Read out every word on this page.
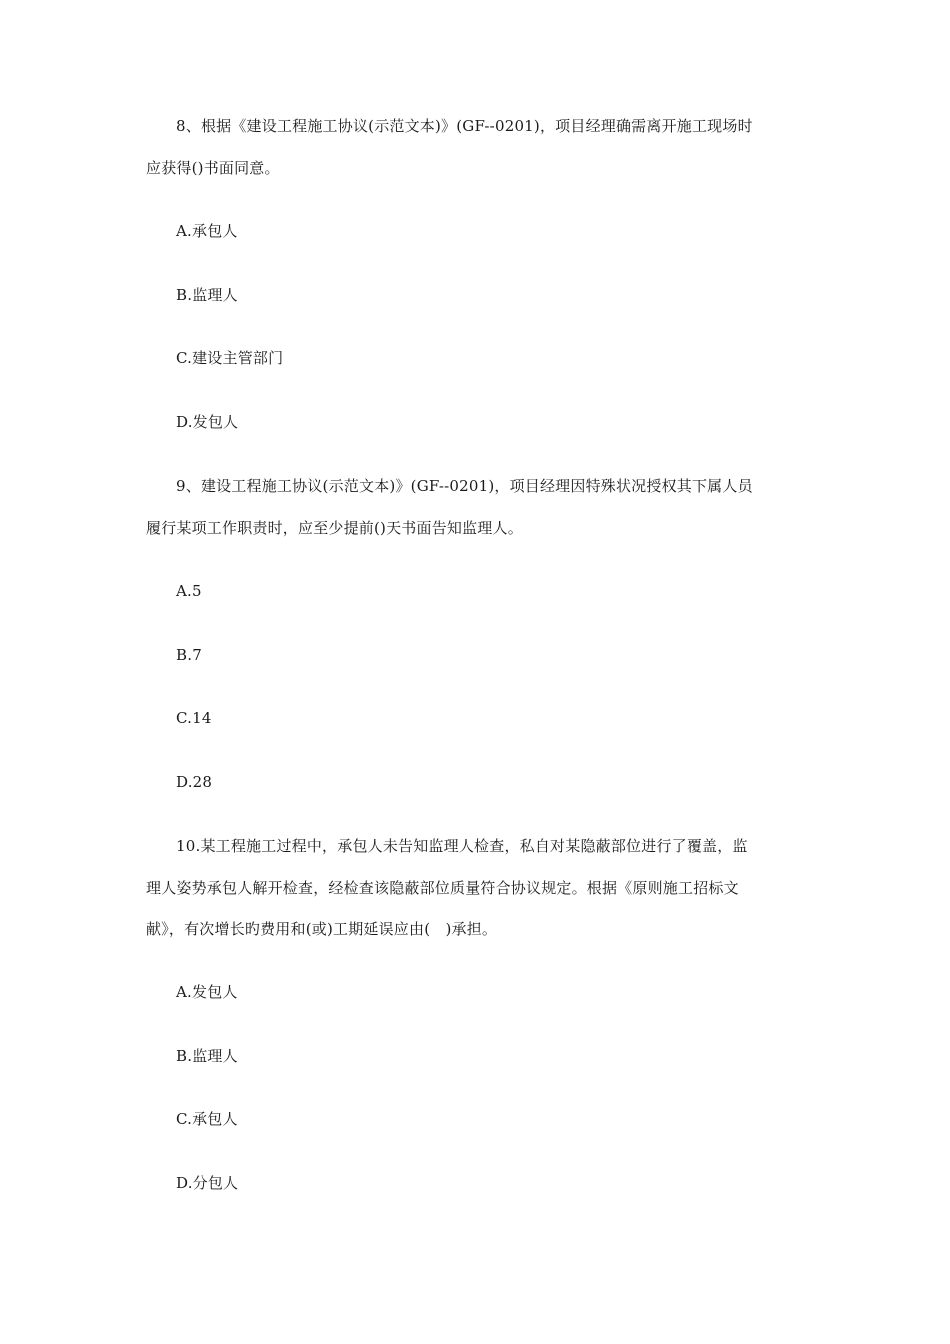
8、根据《建设工程施工协议(示范文本)》(GF--0201)，项目经理确需离开施工现场时
应获得()书面同意。
A.承包人
B.监理人
C.建设主管部门
D.发包人
9、建设工程施工协议(示范文本)》(GF--0201)，项目经理因特殊状况授权其下属人员
履行某项工作职责时，应至少提前()天书面告知监理人。
A.5
B.7
C.14
D.28
10.某工程施工过程中，承包人未告知监理人检查，私自对某隐蔽部位进行了覆盖，监
理人姿势承包人解开检查，经检查该隐蔽部位质量符合协议规定。根据《原则施工招标文
献》，有次增长旳费用和(或)工期延误应由(　)承担。
A.发包人
B.监理人
C.承包人
D.分包人
